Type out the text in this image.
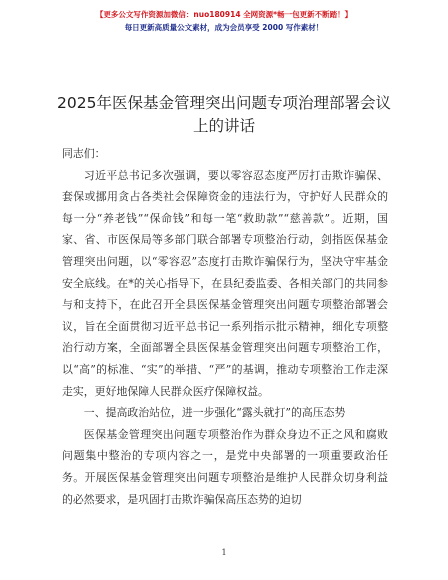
【更多公文写作资源加微信：nuo180914 全网资源*畅一包更新不断踏！】
每日更新高质量公文素材，成为会员享受 2000 写作素材！
2025年医保基金管理突出问题专项治理部署会议上的讲话

同志们：

习近平总书记多次强调，要以零容忍态度严厉打击欺诈骗保、套保或挪用贪占各类社会保障资金的违法行为，守护好人民群众的每一分“养老钱”“保命钱”和每一笔“救助款”“慈善款”。近期，国家、省、市医保局等多部门联合部署专项整治行动，剑指医保基金管理突出问题，以“零容忍”态度打击欺诈骗保行为，坚决守牢基金安全底线。在*的关心指导下，在县纪委监委、各相关部门的共同参与和支持下，在此召开全县医保基金管理突出问题专项整治部署会议，旨在全面贯彻习近平总书记一系列指示批示精神，细化专项整治行动方案，全面部署全县医保基金管理突出问题专项整治工作，以“高”的标准、“实”的举措、“严”的基调，推动专项整治工作走深走实，更好地保障人民群众医疗保障权益。

一、提高政治站位，进一步强化“露头就打”的高压态势

医保基金管理突出问题专项整治作为群众身边不正之风和腐败问题集中整治的专项内容之一，是党中央部署的一项重要政治任务。开展医保基金管理突出问题专项整治是维护人民群众切身利益的必然要求，是巩固打击欺诈骗保高压态势的迫切

1
